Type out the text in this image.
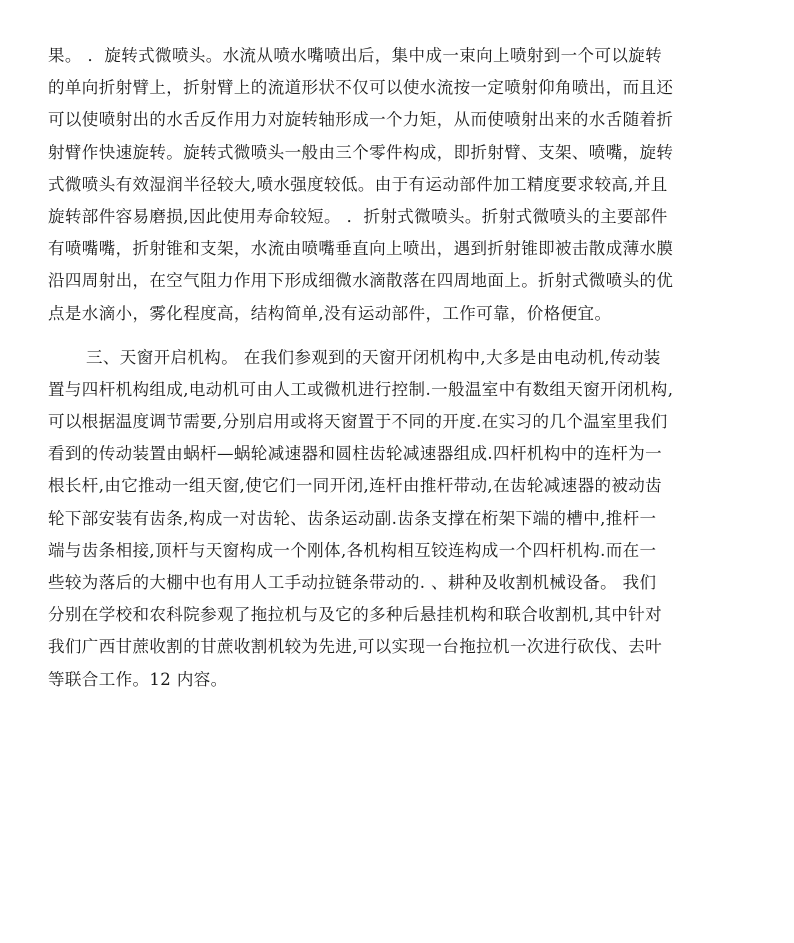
果。 ．旋转式微喷头。水流从喷水嘴喷出后，集中成一束向上喷射到一个可以旋转
的单向折射臂上，折射臂上的流道形状不仅可以使水流按一定喷射仰角喷出，而且还
可以使喷射出的水舌反作用力对旋转轴形成一个力矩，从而使喷射出来的水舌随着折
射臂作快速旋转。旋转式微喷头一般由三个零件构成，即折射臂、支架、喷嘴，旋转
式微喷头有效湿润半径较大,喷水强度较低。由于有运动部件加工精度要求较高,并且
旋转部件容易磨损,因此使用寿命较短。 ．折射式微喷头。折射式微喷头的主要部件
有喷嘴嘴，折射锥和支架，水流由喷嘴垂直向上喷出，遇到折射锥即被击散成薄水膜
沿四周射出，在空气阻力作用下形成细微水滴散落在四周地面上。折射式微喷头的优
点是水滴小，雾化程度高，结构简单,没有运动部件，工作可靠，价格便宜。
三、天窗开启机构。 在我们参观到的天窗开闭机构中,大多是由电动机,传动装
置与四杆机构组成,电动机可由人工或微机进行控制.一般温室中有数组天窗开闭机构,
可以根据温度调节需要,分别启用或将天窗置于不同的开度.在实习的几个温室里我们
看到的传动装置由蜗杆—蜗轮减速器和圆柱齿轮减速器组成.四杆机构中的连杆为一
根长杆,由它推动一组天窗,使它们一同开闭,连杆由推杆带动,在齿轮减速器的被动齿
轮下部安装有齿条,构成一对齿轮、齿条运动副.齿条支撑在桁架下端的槽中,推杆一
端与齿条相接,顶杆与天窗构成一个刚体,各机构相互铰连构成一个四杆机构.而在一
些较为落后的大棚中也有用人工手动拉链条带动的. 、耕种及收割机械设备。 我们
分别在学校和农科院参观了拖拉机与及它的多种后悬挂机构和联合收割机,其中针对
我们广西甘蔗收割的甘蔗收割机较为先进,可以实现一台拖拉机一次进行砍伐、去叶
等联合工作。12 内容。
